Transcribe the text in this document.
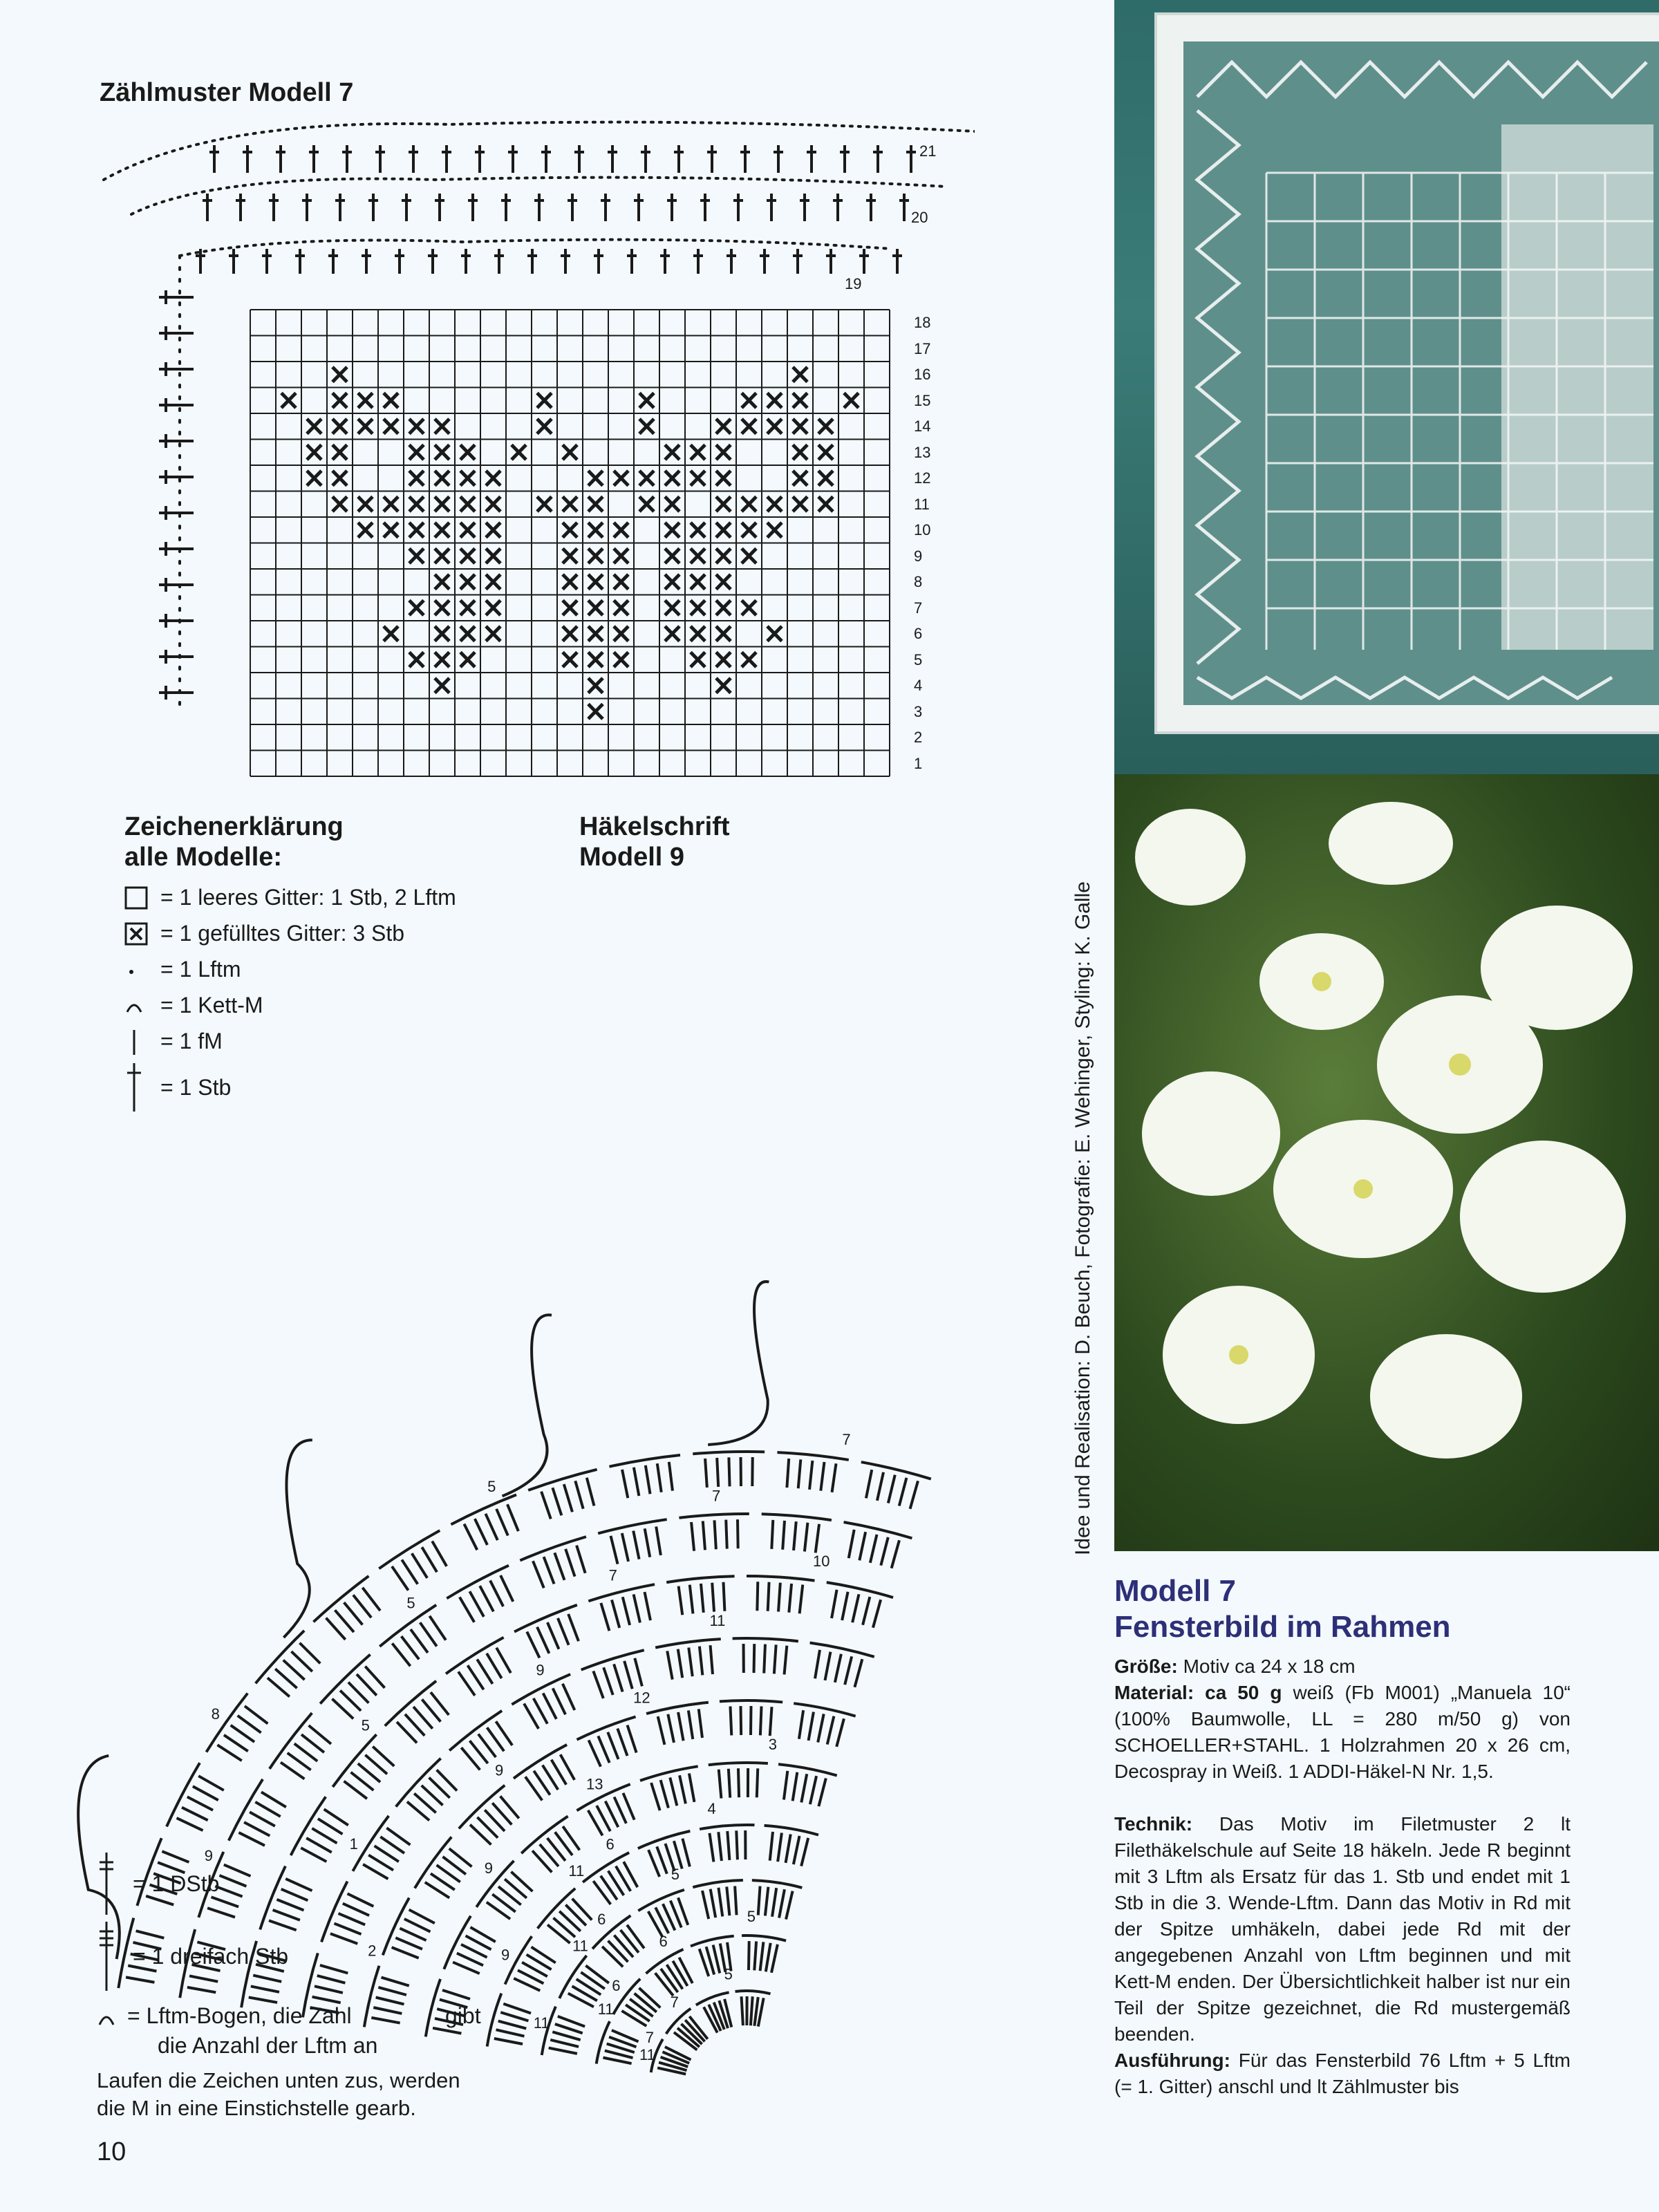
Zählmuster Modell 7
21
20
19
1
2
3
4
5
6
7
8
9
10
11
12
13
14
15
16
17
18
Zeichenerklärung
alle Modelle:
= 1 leeres Gitter: 1 Stb, 2 Lftm
= 1 gefülltes Gitter: 3 Stb
= 1 Lftm
= 1 Kett-M
= 1 fM
= 1 Stb
Häkelschrift
Modell 9
11
11
11
11
13
12
11
10
9
8
7
6
5
4
3
2
1
5
5
5
5
5
11
9
9
9
9
7
7
7
7
6
6
6
= 1 DStb
= 1 dreifach Stb
= Lftm-Bogen, die Zahl	gibt
die Anzahl der Lftm an
Laufen die Zeichen unten zus, werden
die M in eine Einstichstelle gearb.
10
Idee und Realisation: D. Beuch, Fotografie: E. Wehinger, Styling: K. Galle
Modell 7
Fensterbild im Rahmen
Größe: Motiv ca 24 x 18 cm
Material: ca 50 g weiß (Fb M001) „Manuela 10“ (100% Baumwolle, LL = 280 m/50 g) von SCHOELLER+STAHL. 1 Holzrahmen 20 x 26 cm, Decospray in Weiß. 1 ADDI-Häkel-N Nr. 1,5.
Technik: Das Motiv im Filetmuster 2 lt Filethäkelschule auf Seite 18 häkeln. Jede R beginnt mit 3 Lftm als Ersatz für das 1. Stb und endet mit 1 Stb in die 3. Wende-Lftm. Dann das Motiv in Rd mit der Spitze umhäkeln, dabei jede Rd mit der angegebenen Anzahl von Lftm beginnen und mit Kett-M enden. Der Übersichtlichkeit halber ist nur ein Teil der Spitze gezeichnet, die Rd mustergemäß beenden.
Ausführung: Für das Fensterbild 76 Lftm + 5 Lftm (= 1. Gitter) anschl und lt Zählmuster bis
